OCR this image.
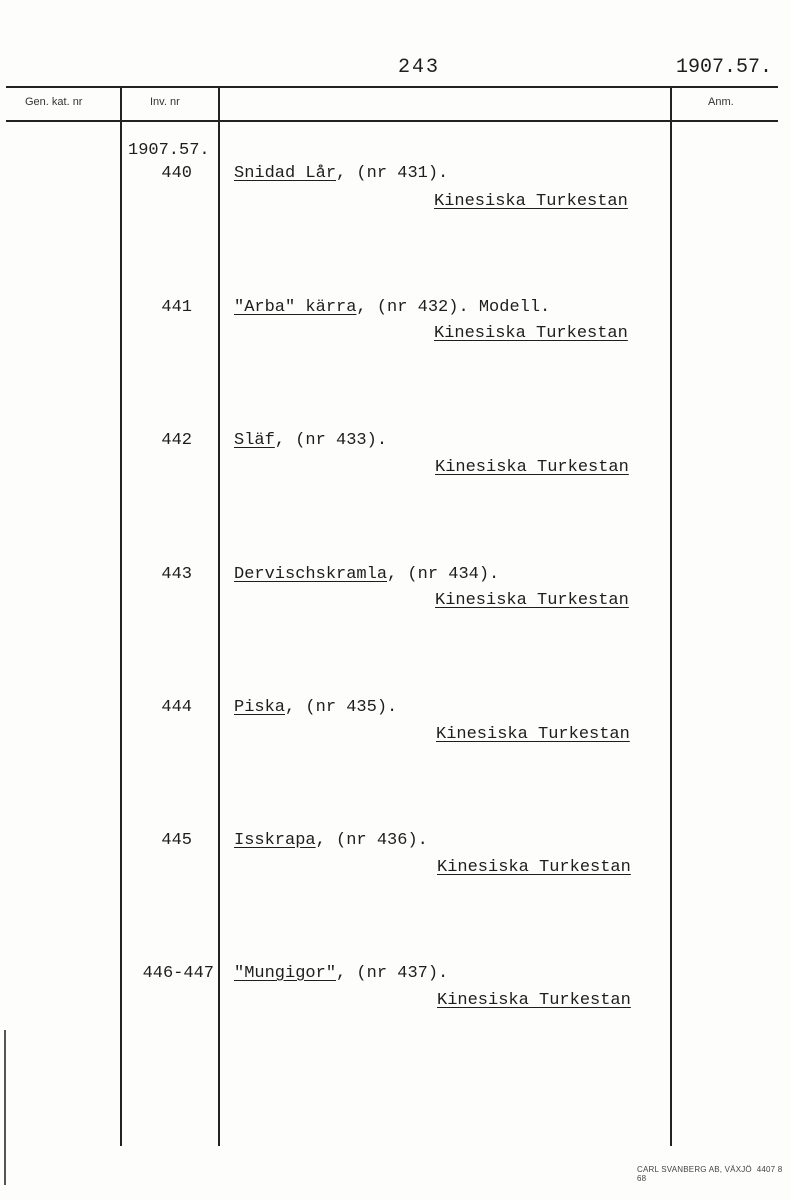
243	1907.57.
Gen. kat. nr	Inv. nr	Anm.
1907.57.
440 Snidad Lår, (nr 431).
Kinesiska Turkestan
441 "Arba" kärra, (nr 432). Modell.
Kinesiska Turkestan
442 Släf, (nr 433).
Kinesiska Turkestan
443 Dervischskramla, (nr 434).
Kinesiska Turkestan
444 Piska, (nr 435).
Kinesiska Turkestan
445 Isskrapa, (nr 436).
Kinesiska Turkestan
446-447 "Mungigor", (nr 437).
Kinesiska Turkestan
CARL SVANBERG AB, VÄXJÖ 4407 8 68
